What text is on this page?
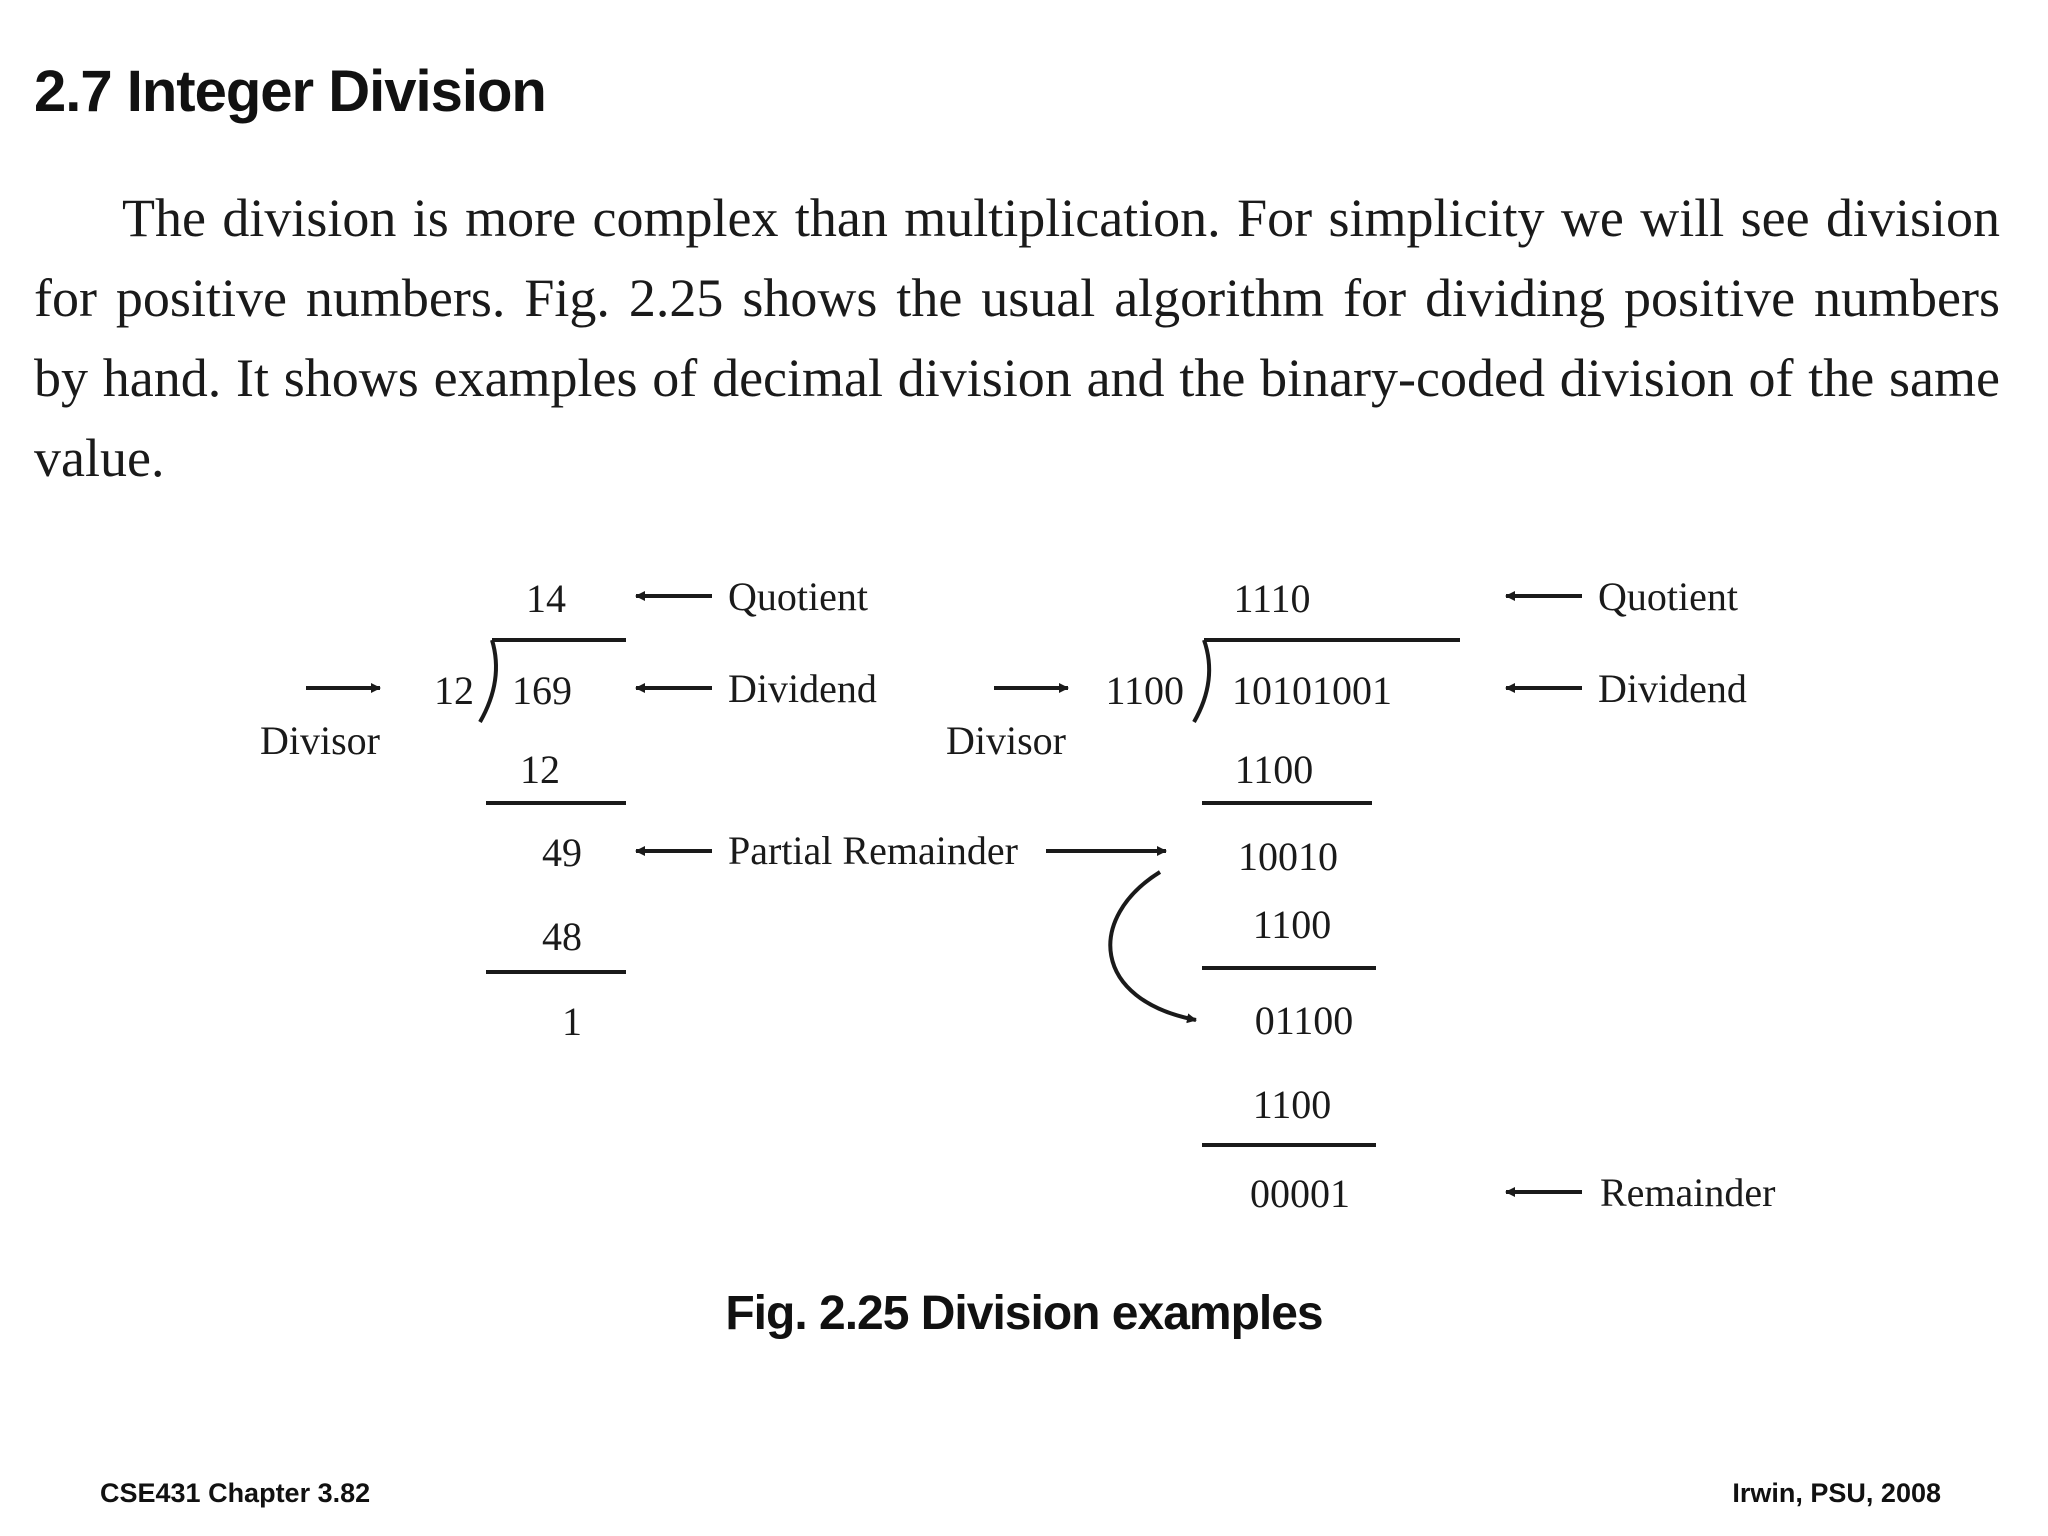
2.7 Integer Division

The division is more complex than multiplication. For simplicity we will see division for positive numbers. Fig. 2.25 shows the usual algorithm for dividing positive numbers by hand. It shows examples of decimal division and the binary-coded division of the same value.

14
12 169
12
49
48
1
Quotient
Dividend
Divisor
Partial Remainder
1110
1100 10101001
1100
10010
1100
01100
1100
00001
Quotient
Dividend
Divisor
Remainder

Fig. 2.25 Division examples

CSE431 Chapter 3.82	Irwin, PSU, 2008
